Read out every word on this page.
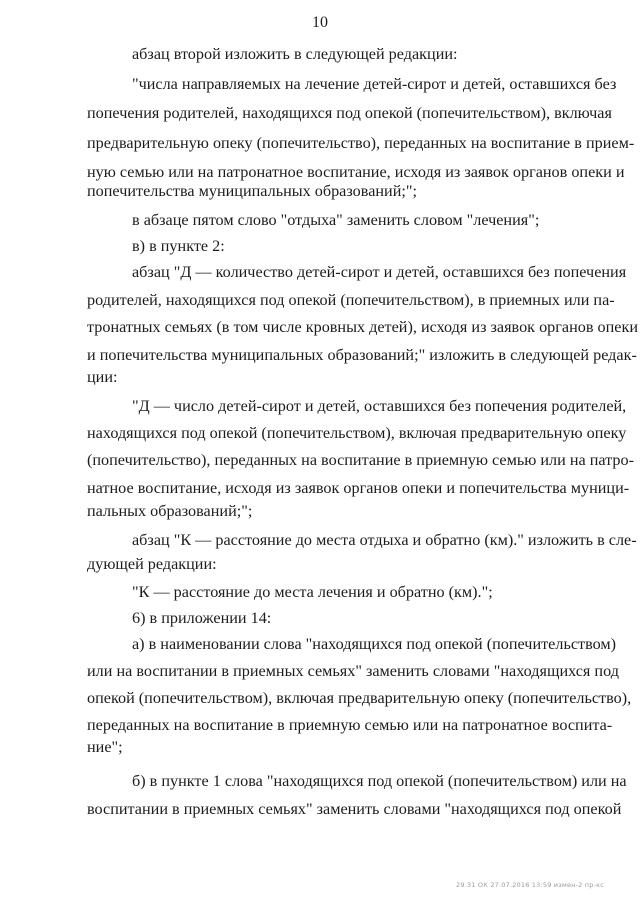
10
абзац второй изложить в следующей редакции:
"числа направляемых на лечение детей-сирот и детей, оставшихся без
попечения родителей, находящихся под опекой (попечительством), включая
предварительную опеку (попечительство), переданных на воспитание в прием-
ную семью или на патронатное воспитание, исходя из заявок органов опеки и
попечительства муниципальных образований;";
в абзаце пятом слово "отдыха" заменить словом "лечения";
в) в пункте 2:
абзац "Д — количество детей-сирот и детей, оставшихся без попечения
родителей, находящихся под опекой (попечительством), в приемных или па-
тронатных семьях (в том числе кровных детей), исходя из заявок органов опеки
и попечительства муниципальных образований;" изложить в следующей редак-
ции:
"Д — число детей-сирот и детей, оставшихся без попечения родителей,
находящихся под опекой (попечительством), включая предварительную опеку
(попечительство), переданных на воспитание в приемную семью или на патро-
натное воспитание, исходя из заявок органов опеки и попечительства муници-
пальных образований;";
абзац "К — расстояние до места отдыха и обратно (км)." изложить в сле-
дующей редакции:
"К — расстояние до места лечения и обратно (км).";
6) в приложении 14:
а) в наименовании слова "находящихся под опекой (попечительством)
или на воспитании в приемных семьях" заменить словами "находящихся под
опекой (попечительством), включая предварительную опеку (попечительство),
переданных на воспитание в приемную семью или на патронатное воспита-
ние";
б) в пункте 1 слова "находящихся под опекой (попечительством) или на
воспитании в приемных семьях" заменить словами "находящихся под опекой
29.31 ОК 27.07.2016 13:59 измен-2 пр-кс
